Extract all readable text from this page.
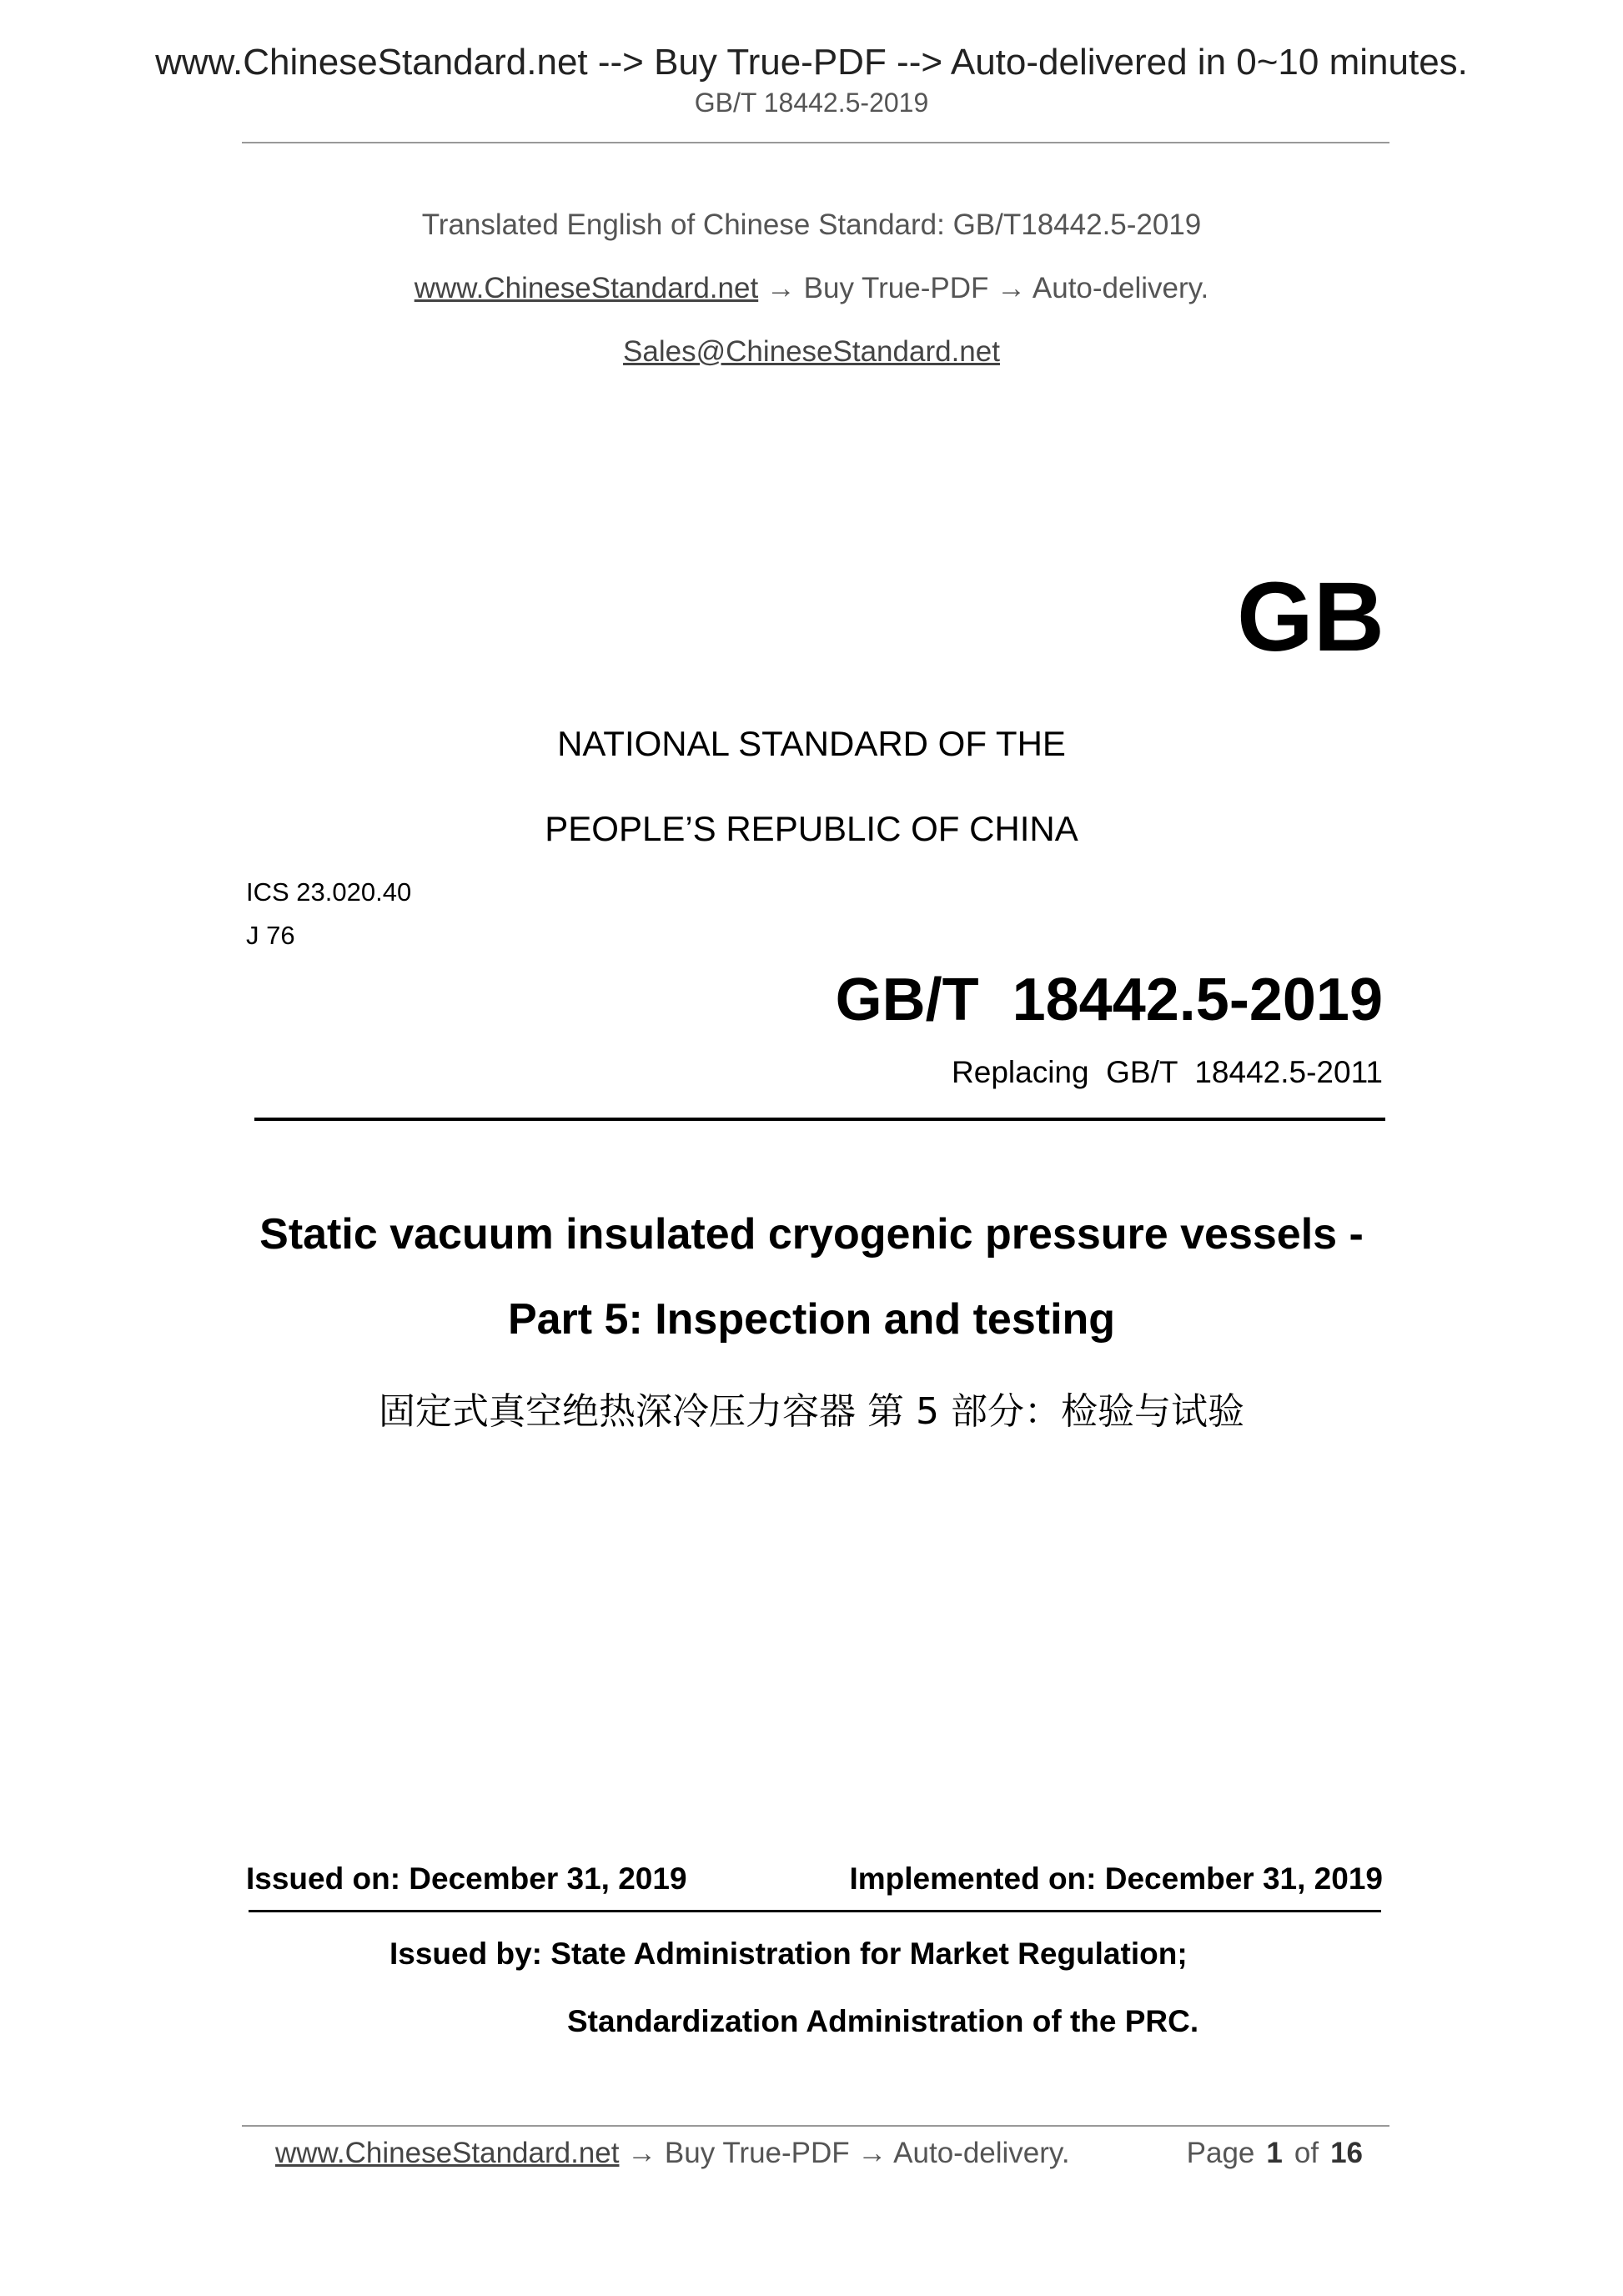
www.ChineseStandard.net --> Buy True-PDF --> Auto-delivered in 0~10 minutes.
GB/T 18442.5-2019
Translated English of Chinese Standard: GB/T18442.5-2019
www.ChineseStandard.net → Buy True-PDF → Auto-delivery.
Sales@ChineseStandard.net
GB
NATIONAL STANDARD OF THE
PEOPLE’S REPUBLIC OF CHINA
ICS 23.020.40
J 76
GB/T  18442.5-2019
Replacing  GB/T  18442.5-2011
Static vacuum insulated cryogenic pressure vessels -
Part 5: Inspection and testing
固定式真空绝热深冷压力容器 第 5 部分：检验与试验
Issued on: December 31, 2019	Implemented on: December 31, 2019
Issued by: State Administration for Market Regulation;
Standardization Administration of the PRC.
www.ChineseStandard.net → Buy True-PDF → Auto-delivery.	Page 1 of 16
